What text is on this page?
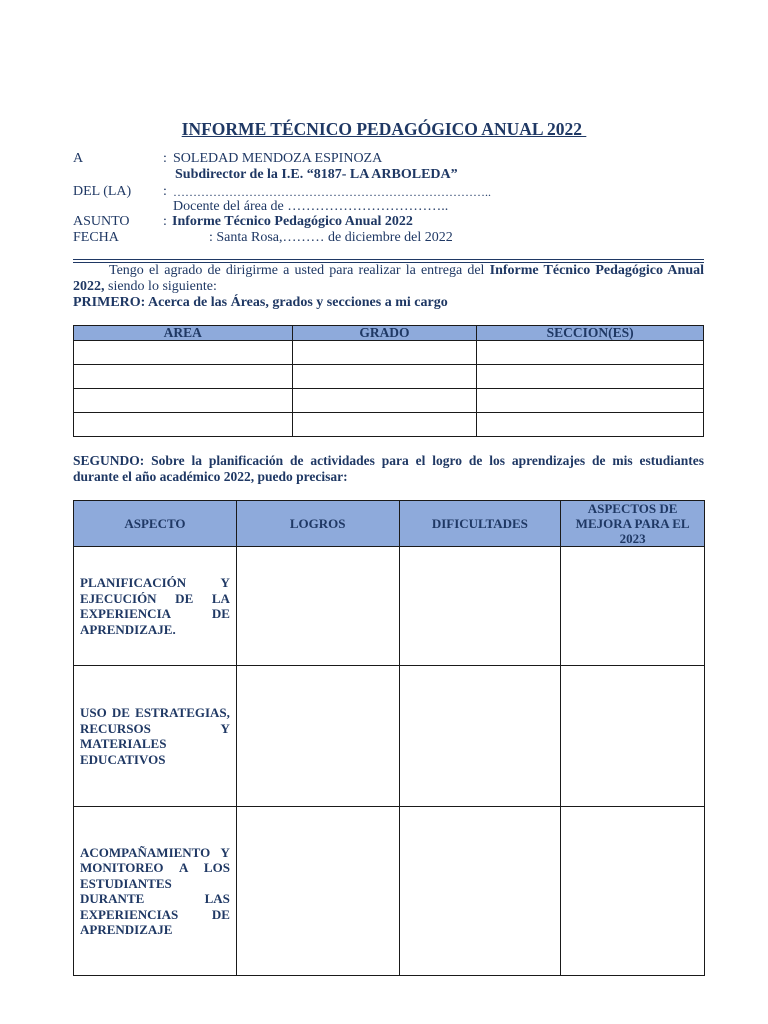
INFORME TÉCNICO PEDAGÓGICO ANUAL 2022
A	: SOLEDAD MENDOZA ESPINOZA
Subdirector de la I.E. “8187- LA ARBOLEDA”
DEL (LA) : ……………………………………………………………………..
Docente del área de ……………………………..
ASUNTO : Informe Técnico Pedagógico Anual 2022
FECHA	: Santa Rosa,……… de diciembre del 2022
Tengo el agrado de dirigirme a usted para realizar la entrega del Informe Técnico Pedagógico Anual 2022, siendo lo siguiente:
PRIMERO: Acerca de las Áreas, grados y secciones a mi cargo
AREA	GRADO	SECCION(ES)

SEGUNDO: Sobre la planificación de actividades para el logro de los aprendizajes de mis estudiantes durante el año académico 2022, puedo precisar:
ASPECTO	LOGROS	DIFICULTADES	ASPECTOS DE MEJORA PARA EL 2023
PLANIFICACIÓN Y EJECUCIÓN DE LA EXPERIENCIA DE APRENDIZAJE.			
USO DE ESTRATEGIAS, RECURSOS Y MATERIALES EDUCATIVOS			
ACOMPAÑAMIENTO Y MONITOREO A LOS ESTUDIANTES DURANTE LAS EXPERIENCIAS DE APRENDIZAJE			
